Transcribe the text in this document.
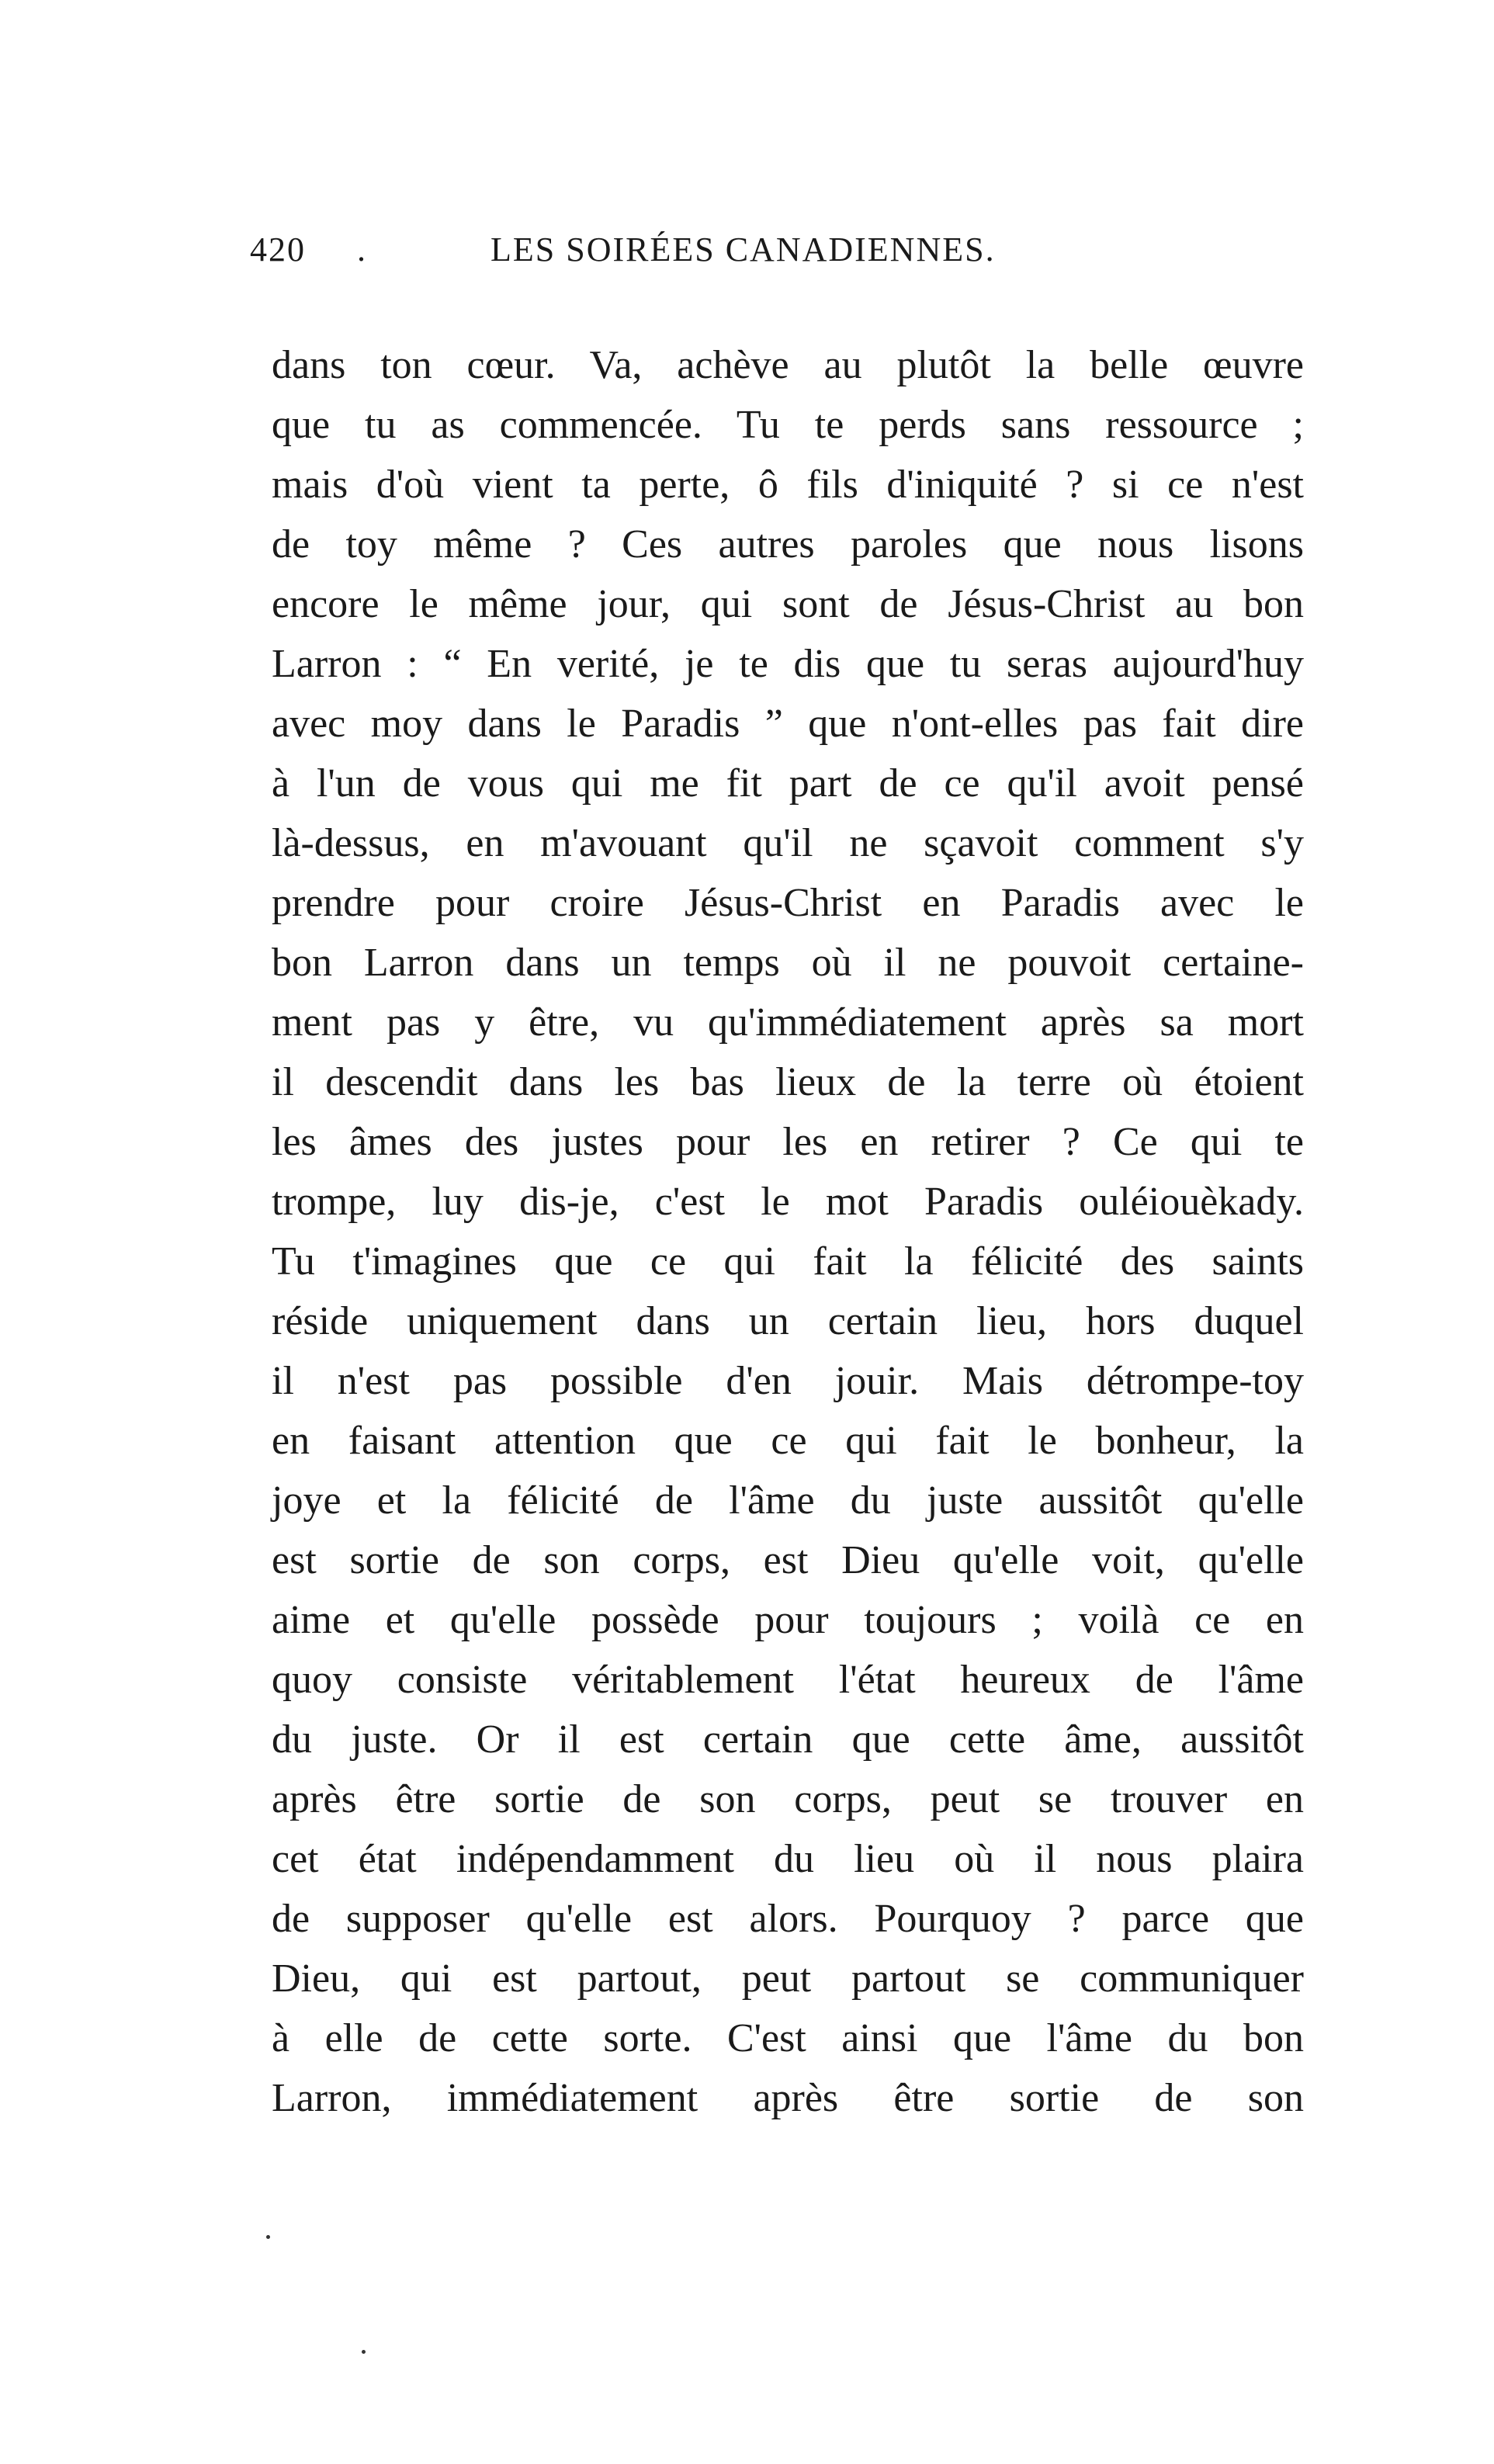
420 .	LES SOIRÉES CANADIENNES.
dans ton cœur. Va, achève au plutôt la belle œuvre
que tu as commencée. Tu te perds sans ressource ;
mais d'où vient ta perte, ô fils d'iniquité ? si ce n'est
de toy même ? Ces autres paroles que nous lisons
encore le même jour, qui sont de Jésus-Christ au bon
Larron : “ En verité, je te dis que tu seras aujourd'huy
avec moy dans le Paradis ” que n'ont-elles pas fait dire
à l'un de vous qui me fit part de ce qu'il avoit pensé
là-dessus, en m'avouant qu'il ne sçavoit comment s'y
prendre pour croire Jésus-Christ en Paradis avec le
bon Larron dans un temps où il ne pouvoit certaine-
ment pas y être, vu qu'immédiatement après sa mort
il descendit dans les bas lieux de la terre où étoient
les âmes des justes pour les en retirer ? Ce qui te
trompe, luy dis-je, c'est le mot Paradis ouléiouèkady.
Tu t'imagines que ce qui fait la félicité des saints
réside uniquement dans un certain lieu, hors duquel
il n'est pas possible d'en jouir. Mais détrompe-toy
en faisant attention que ce qui fait le bonheur, la
joye et la félicité de l'âme du juste aussitôt qu'elle
est sortie de son corps, est Dieu qu'elle voit, qu'elle
aime et qu'elle possède pour toujours ; voilà ce en
quoy consiste véritablement l'état heureux de l'âme
du juste. Or il est certain que cette âme, aussitôt
après être sortie de son corps, peut se trouver en
cet état indépendamment du lieu où il nous plaira
de supposer qu'elle est alors. Pourquoy ? parce que
Dieu, qui est partout, peut partout se communiquer
à elle de cette sorte. C'est ainsi que l'âme du bon
Larron, immédiatement après être sortie de son
